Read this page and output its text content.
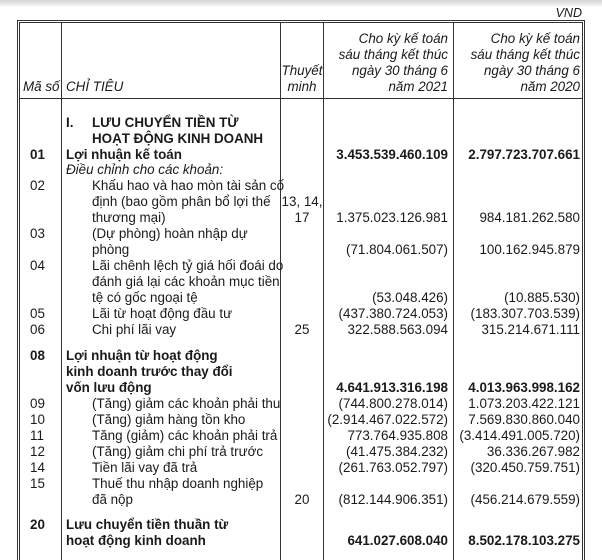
VND
Mã số CHỈ TIÊU
Thuyết
minh
Cho kỳ kế toán
sáu tháng kết thúc
ngày 30 tháng 6
năm 2021
Cho kỳ kế toán
sáu tháng kết thúc
ngày 30 tháng 6
năm 2020
I. LƯU CHUYỂN TIỀN TỪ
HOẠT ĐỘNG KINH DOANH
01 Lợi nhuận kế toán	3.453.539.460.109	2.797.723.707.661
Điều chỉnh cho các khoản:
02	Khấu hao và hao mòn tài sản cố
định (bao gồm phân bổ lợi thế
thương mại)
13, 14,
17	1.375.023.126.981	984.181.262.580
03	(Dự phòng) hoàn nhập dự
phòng	(71.804.061.507)	100.162.945.879
04	Lãi chênh lệch tỷ giá hối đoái do
đánh giá lại các khoản mục tiền
tệ có gốc ngoại tệ	(53.048.426)	(10.885.530)
05	Lãi từ hoạt động đầu tư	(437.380.724.053)	(183.307.703.539)
06	Chi phí lãi vay	25	322.588.563.094	315.214.671.111
08 Lợi nhuận từ hoạt động
kinh doanh trước thay đổi
vốn lưu động	4.641.913.316.198	4.013.963.998.162
09	(Tăng) giảm các khoản phải thu	(744.800.278.014)	1.073.203.422.121
10	(Tăng) giảm hàng tồn kho	(2.914.467.022.572)	7.569.830.860.040
11	Tăng (giảm) các khoản phải trả	773.764.935.808 (3.414.491.005.720)
12	(Tăng) giảm chi phí trả trước	(41.475.384.232)	36.336.267.982
14	Tiền lãi vay đã trả	(261.763.052.797)	(320.450.759.751)
15	Thuế thu nhập doanh nghiệp
đã nộp	20	(812.144.906.351)	(456.214.679.559)
20 Lưu chuyển tiền thuần từ
hoạt động kinh doanh	641.027.608.040	8.502.178.103.275
